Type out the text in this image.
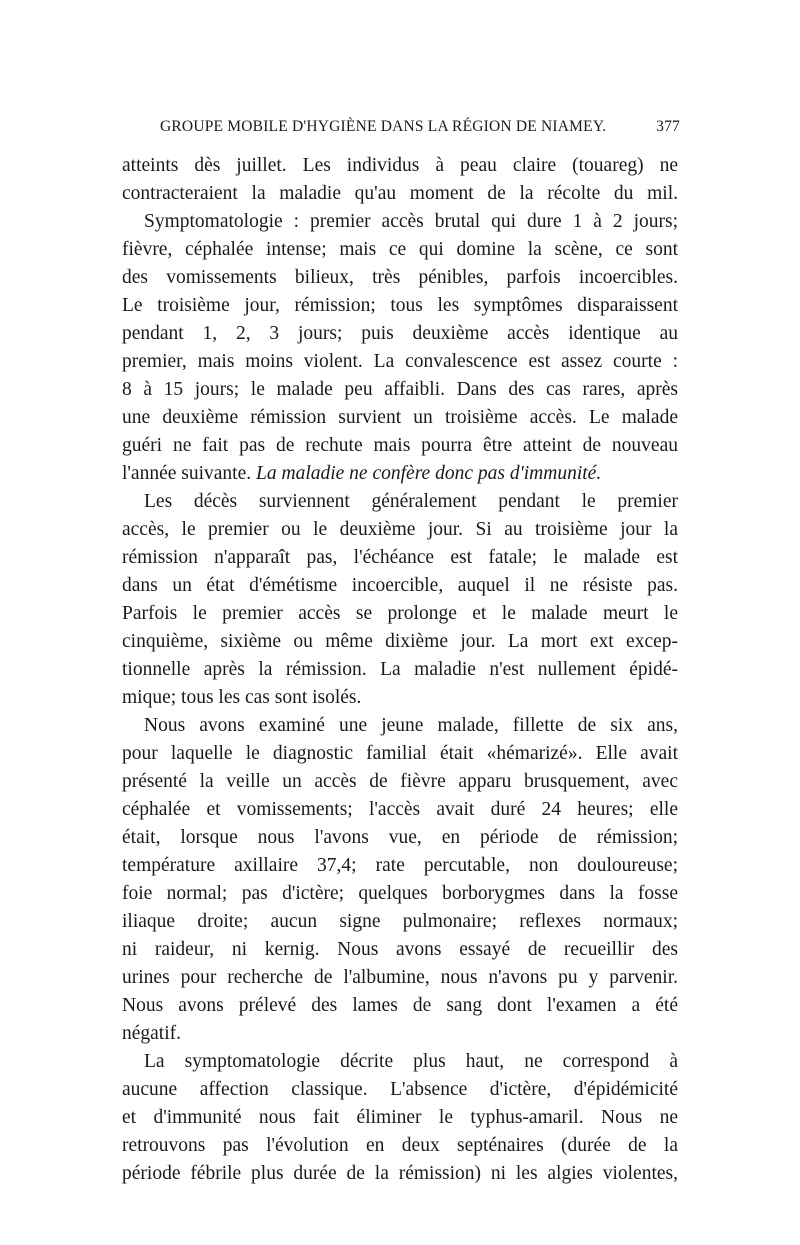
GROUPE MOBILE D'HYGIÈNE DANS LA RÉGION DE NIAMEY.	377
atteints dès juillet. Les individus à peau claire (touareg) ne
contracteraient la maladie qu'au moment de la récolte du mil.
Symptomatologie : premier accès brutal qui dure 1 à 2 jours;
fièvre, céphalée intense; mais ce qui domine la scène, ce sont
des vomissements bilieux, très pénibles, parfois incoercibles.
Le troisième jour, rémission; tous les symptômes disparaissent
pendant 1, 2, 3 jours; puis deuxième accès identique au
premier, mais moins violent. La convalescence est assez courte :
8 à 15 jours; le malade peu affaibli. Dans des cas rares, après
une deuxième rémission survient un troisième accès. Le malade
guéri ne fait pas de rechute mais pourra être atteint de nouveau
l'année suivante. La maladie ne confère donc pas d'immunité.
Les décès surviennent généralement pendant le premier
accès, le premier ou le deuxième jour. Si au troisième jour la
rémission n'apparaît pas, l'échéance est fatale; le malade est
dans un état d'émétisme incoercible, auquel il ne résiste pas.
Parfois le premier accès se prolonge et le malade meurt le
cinquième, sixième ou même dixième jour. La mort ext excep-
tionnelle après la rémission. La maladie n'est nullement épidé-
mique; tous les cas sont isolés.
Nous avons examiné une jeune malade, fillette de six ans,
pour laquelle le diagnostic familial était «hémarizé». Elle avait
présenté la veille un accès de fièvre apparu brusquement, avec
céphalée et vomissements; l'accès avait duré 24 heures; elle
était, lorsque nous l'avons vue, en période de rémission;
température axillaire 37,4; rate percutable, non douloureuse;
foie normal; pas d'ictère; quelques borborygmes dans la fosse
iliaque droite; aucun signe pulmonaire; reflexes normaux;
ni raideur, ni kernig. Nous avons essayé de recueillir des
urines pour recherche de l'albumine, nous n'avons pu y parvenir.
Nous avons prélevé des lames de sang dont l'examen a été
négatif.
La symptomatologie décrite plus haut, ne correspond à
aucune affection classique. L'absence d'ictère, d'épidémicité
et d'immunité nous fait éliminer le typhus-amaril. Nous ne
retrouvons pas l'évolution en deux septénaires (durée de la
période fébrile plus durée de la rémission) ni les algies violentes,
